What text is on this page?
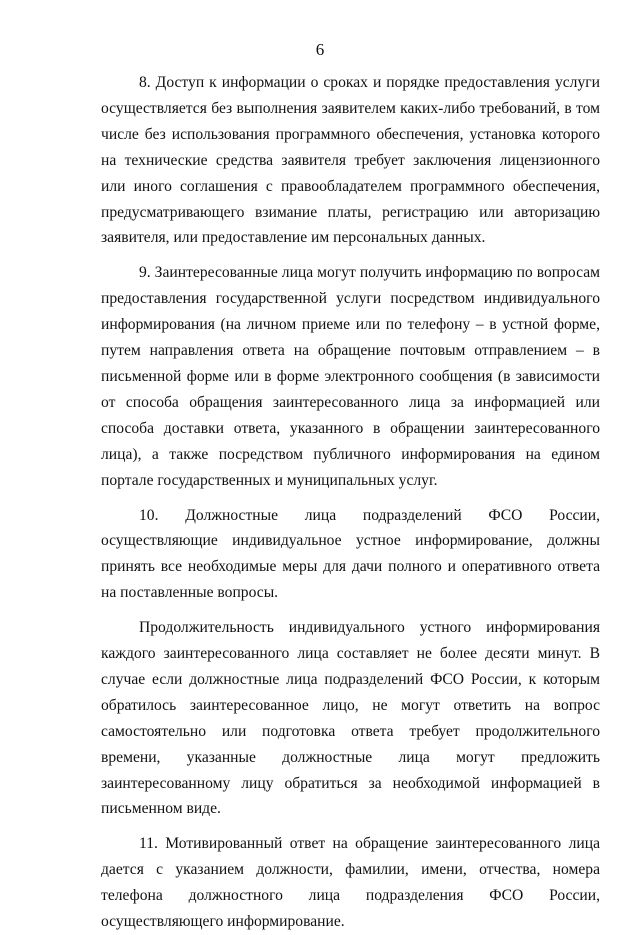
6

8. Доступ к информации о сроках и порядке предоставления услуги осуществляется без выполнения заявителем каких-либо требований, в том числе без использования программного обеспечения, установка которого на технические средства заявителя требует заключения лицензионного или иного соглашения с правообладателем программного обеспечения, предусматривающего взимание платы, регистрацию или авторизацию заявителя, или предоставление им персональных данных.

9. Заинтересованные лица могут получить информацию по вопросам предоставления государственной услуги посредством индивидуального информирования (на личном приеме или по телефону – в устной форме, путем направления ответа на обращение почтовым отправлением – в письменной форме или в форме электронного сообщения (в зависимости от способа обращения заинтересованного лица за информацией или способа доставки ответа, указанного в обращении заинтересованного лица), а также посредством публичного информирования на едином портале государственных и муниципальных услуг.

10. Должностные лица подразделений ФСО России, осуществляющие индивидуальное устное информирование, должны принять все необходимые меры для дачи полного и оперативного ответа на поставленные вопросы.

Продолжительность индивидуального устного информирования каждого заинтересованного лица составляет не более десяти минут. В случае если должностные лица подразделений ФСО России, к которым обратилось заинтересованное лицо, не могут ответить на вопрос самостоятельно или подготовка ответа требует продолжительного времени, указанные должностные лица могут предложить заинтересованному лицу обратиться за необходимой информацией в письменном виде.

11. Мотивированный ответ на обращение заинтересованного лица дается с указанием должности, фамилии, имени, отчества, номера телефона должностного лица подразделения ФСО России, осуществляющего информирование.
